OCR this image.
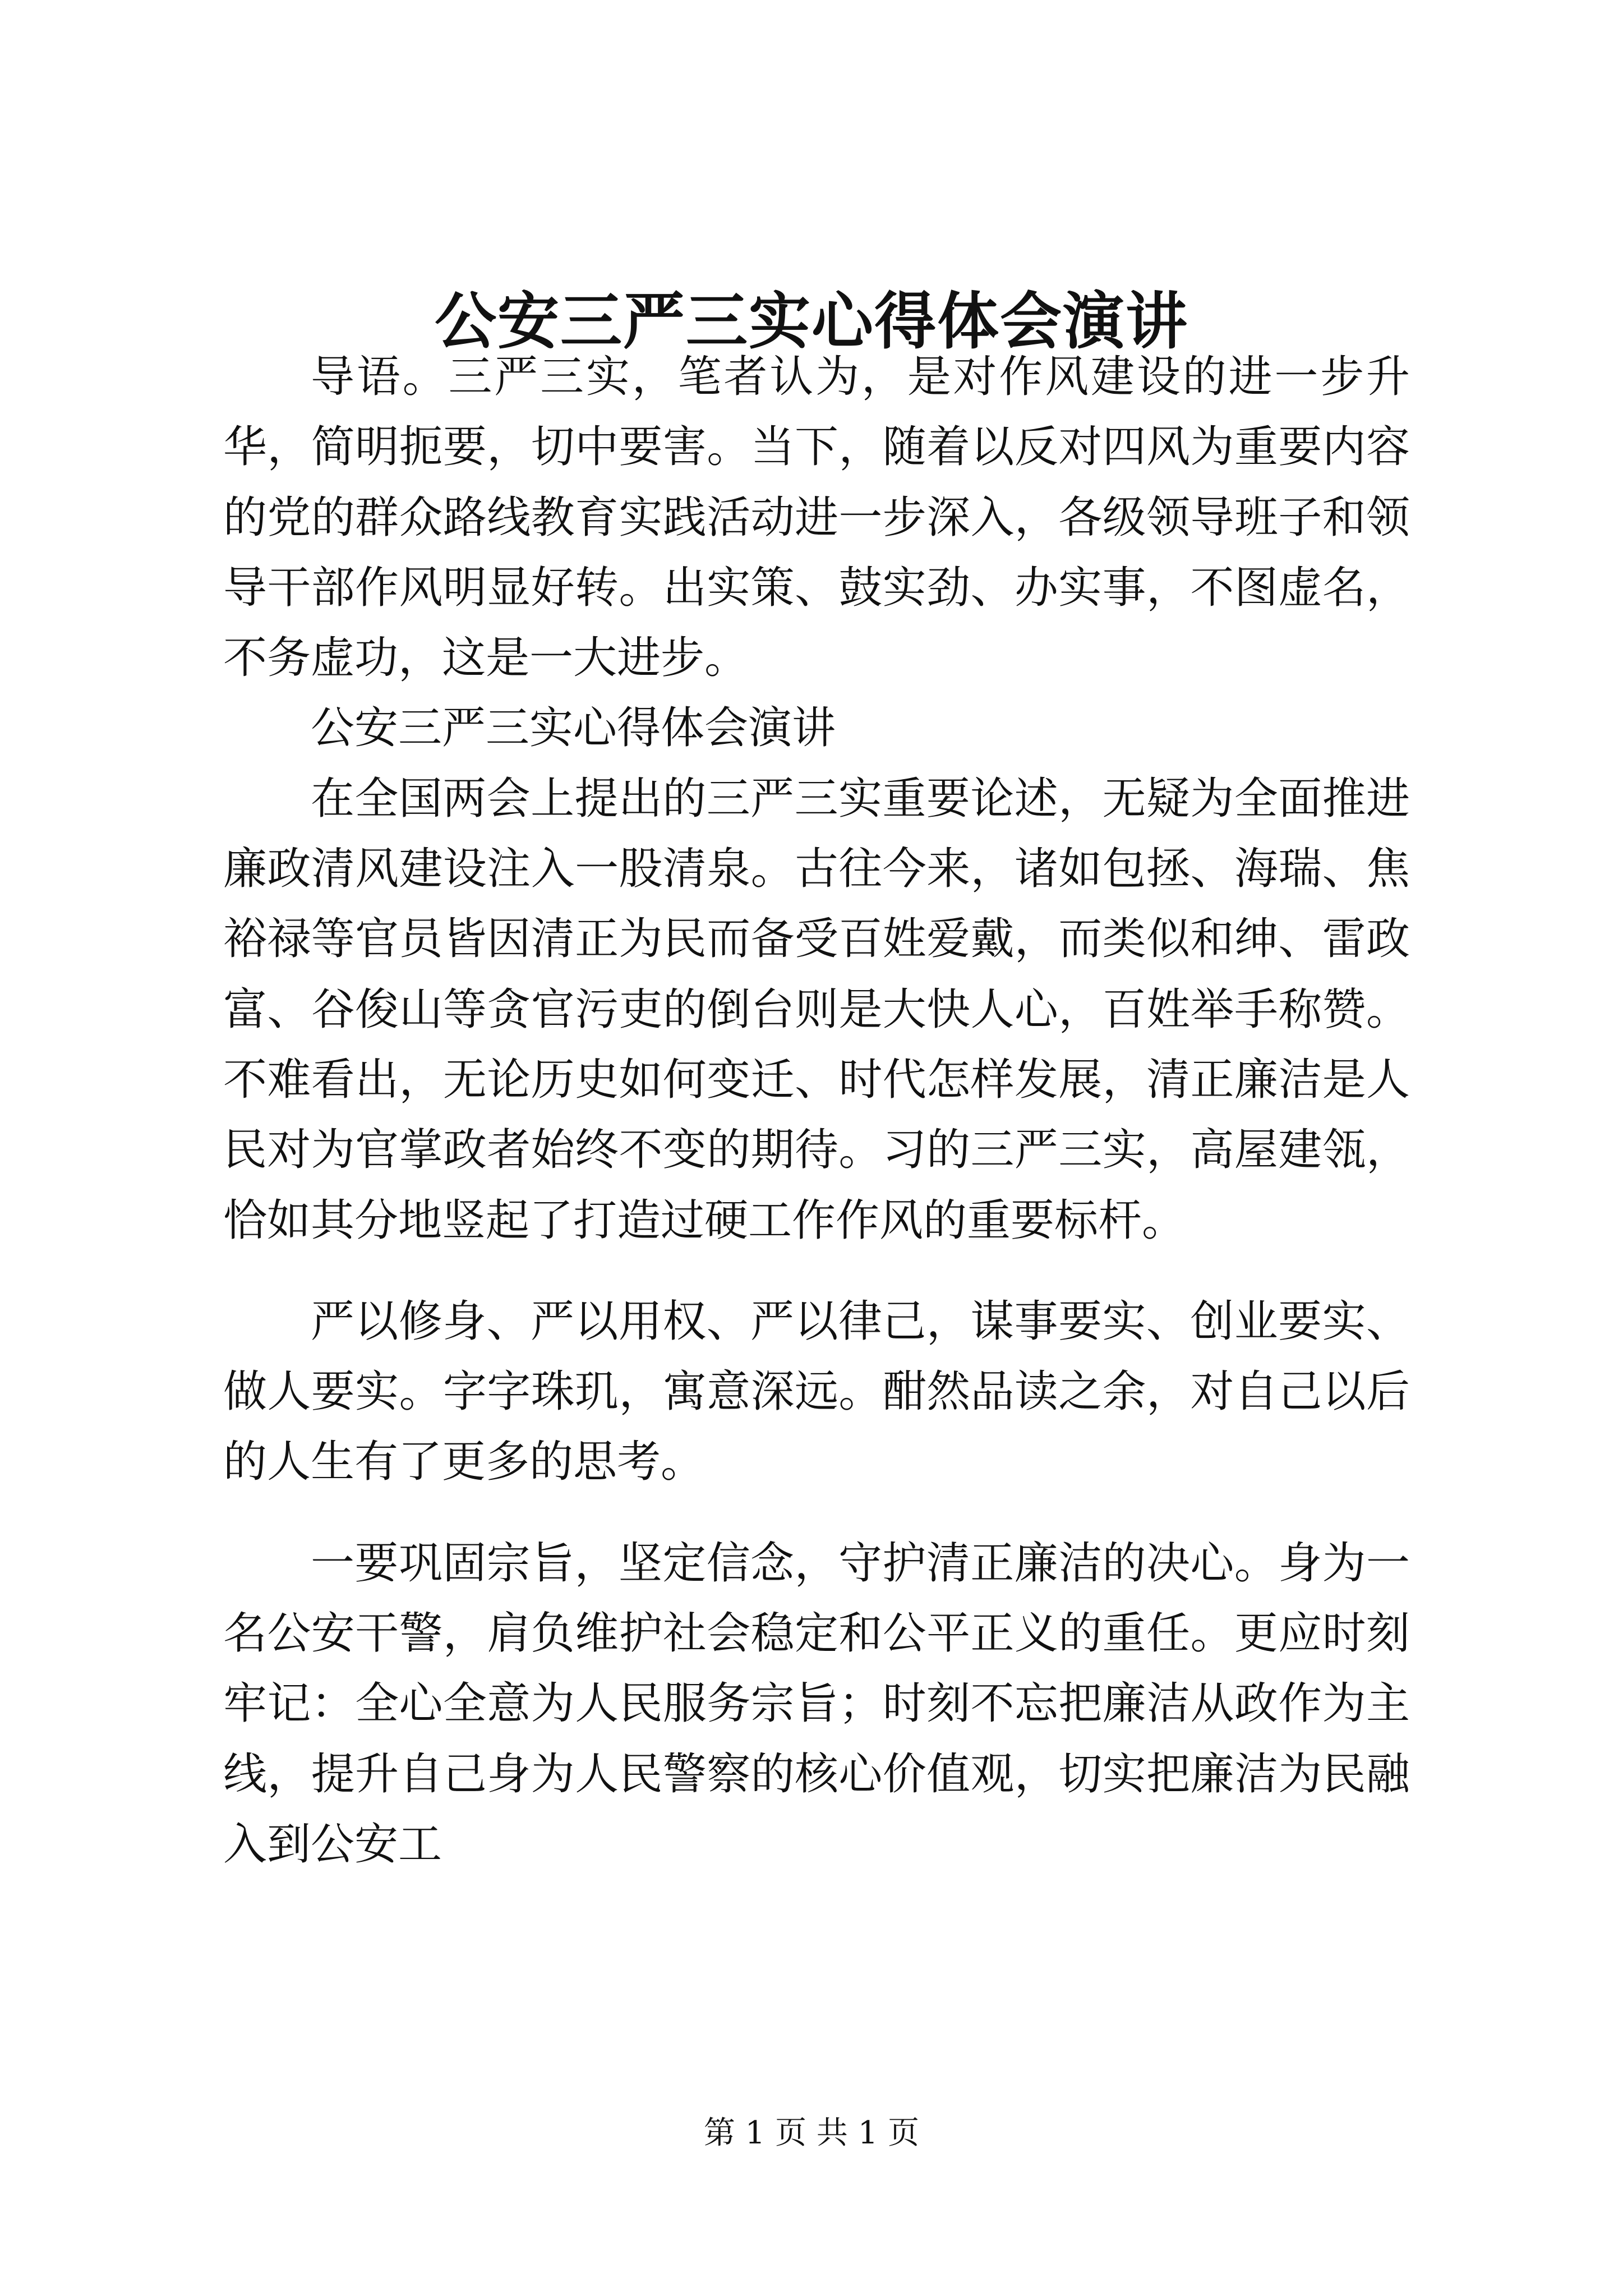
公安三严三实心得体会演讲

导语。三严三实，笔者认为，是对作风建设的进一步升华，简明扼要，切中要害。当下，随着以反对四风为重要内容的党的群众路线教育实践活动进一步深入，各级领导班子和领导干部作风明显好转。出实策、鼓实劲、办实事，不图虚名，不务虚功，这是一大进步。

公安三严三实心得体会演讲

在全国两会上提出的三严三实重要论述，无疑为全面推进廉政清风建设注入一股清泉。古往今来，诸如包拯、海瑞、焦裕禄等官员皆因清正为民而备受百姓爱戴，而类似和绅、雷政富、谷俊山等贪官污吏的倒台则是大快人心，百姓举手称赞。不难看出，无论历史如何变迁、时代怎样发展，清正廉洁是人民对为官掌政者始终不变的期待。习的三严三实，高屋建瓴，恰如其分地竖起了打造过硬工作作风的重要标杆。

严以修身、严以用权、严以律己，谋事要实、创业要实、做人要实。字字珠玑，寓意深远。酣然品读之余，对自己以后的人生有了更多的思考。

一要巩固宗旨，坚定信念，守护清正廉洁的决心。身为一名公安干警，肩负维护社会稳定和公平正义的重任。更应时刻牢记：全心全意为人民服务宗旨；时刻不忘把廉洁从政作为主线，提升自己身为人民警察的核心价值观，切实把廉洁为民融入到公安工

第 1 页 共 1 页
